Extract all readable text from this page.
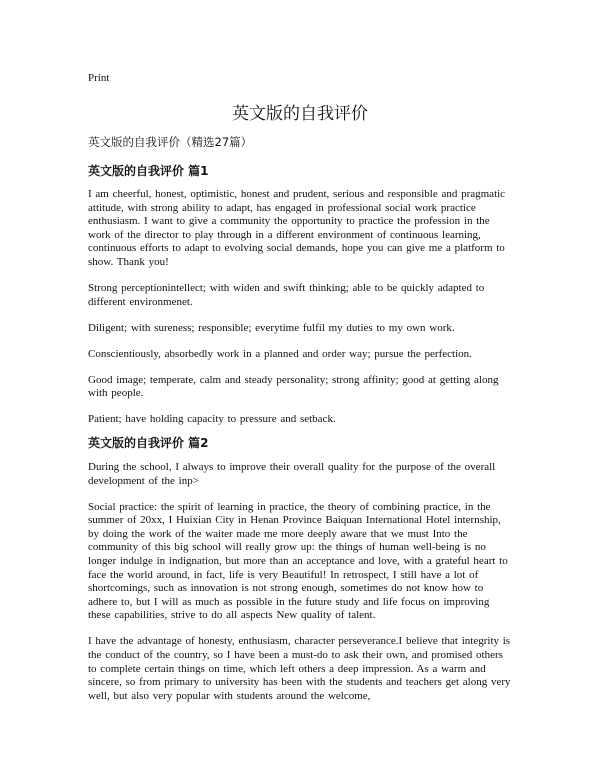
Print
英文版的自我评价
英文版的自我评价（精选27篇）
英文版的自我评价 篇1

I am cheerful, honest, optimistic, honest and prudent, serious and responsible and pragmatic attitude, with strong ability to adapt, has engaged in professional social work practice enthusiasm. I want to give a community the opportunity to practice the profession in the work of the director to play through in a different environment of continuous learning, continuous efforts to adapt to evolving social demands, hope you can give me a platform to show. Thank you!

Strong perceptionintellect; with widen and swift thinking; able to be quickly adapted to different environmenet.

Diligent; with sureness; responsible; everytime fulfil my duties to my own work.

Conscientiously, absorbedly work in a planned and order way; pursue the perfection.

Good image; temperate, calm and steady personality; strong affinity; good at getting along with people.

Patient; have holding capacity to pressure and setback.

英文版的自我评价 篇2

During the school, I always to improve their overall quality for the purpose of the overall development of the inp>

Social practice: the spirit of learning in practice, the theory of combining practice, in the summer of 20xx, I Huixian City in Henan Province Baiquan International Hotel internship, by doing the work of the waiter made me more deeply aware that we must Into the community of this big school will really grow up: the things of human well-being is no longer indulge in indignation, but more than an acceptance and love, with a grateful heart to face the world around, in fact, life is very Beautiful! In retrospect, I still have a lot of shortcomings, such as innovation is not strong enough, sometimes do not know how to adhere to, but I will as much as possible in the future study and life focus on improving these capabilities, strive to do all aspects New quality of talent.

I have the advantage of honesty, enthusiasm, character perseverance.I believe that integrity is the conduct of the country, so I have been a must-do to ask their own, and promised others to complete certain things on time, which left others a deep impression. As a warm and sincere, so from primary to university has been with the students and teachers get along very well, but also very popular with students around the welcome,
